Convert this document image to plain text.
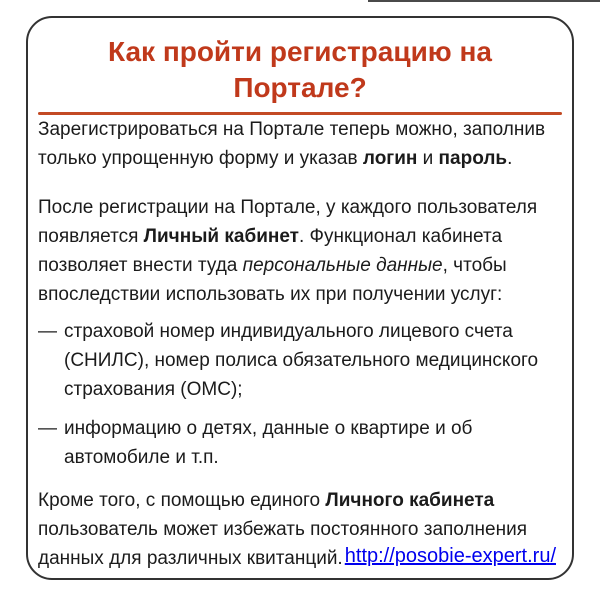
Как пройти регистрацию на Портале?

Зарегистрироваться на Портале теперь можно, заполнив только упрощенную форму и указав логин и пароль.

После регистрации на Портале, у каждого пользователя появляется Личный кабинет. Функционал кабинета позволяет внести туда персональные данные, чтобы впоследствии использовать их при получении услуг:

— страховой номер индивидуального лицевого счета (СНИЛС), номер полиса обязательного медицинского страхования (ОМС);
— информацию о детях, данные о квартире и об автомобиле и т.п.

Кроме того, с помощью единого Личного кабинета пользователь может избежать постоянного заполнения данных для различных квитанций. http://posobie-expert.ru/
